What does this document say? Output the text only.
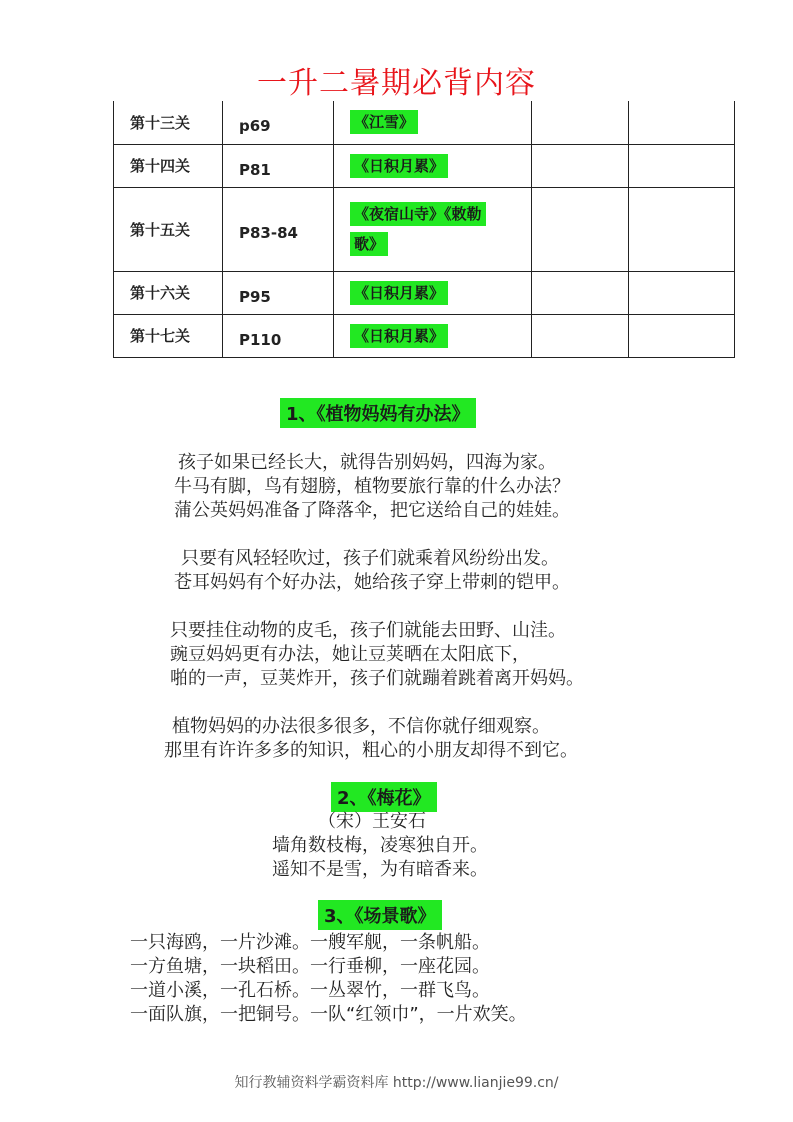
一升二暑期必背内容
第十三关	p69	《江雪》		
第十四关	P81	《日积月累》		
第十五关	P83-84	《夜宿山寺》《敕勒
歌》		
第十六关	P95	《日积月累》		
第十七关	P110	《日积月累》		
1、《植物妈妈有办法》
孩子如果已经长大，就得告别妈妈，四海为家。
牛马有脚，鸟有翅膀，植物要旅行靠的什么办法？
蒲公英妈妈准备了降落伞，把它送给自己的娃娃。
只要有风轻轻吹过，孩子们就乘着风纷纷出发。
苍耳妈妈有个好办法，她给孩子穿上带刺的铠甲。
只要挂住动物的皮毛，孩子们就能去田野、山洼。
豌豆妈妈更有办法，她让豆荚晒在太阳底下，
啪的一声，豆荚炸开，孩子们就蹦着跳着离开妈妈。
植物妈妈的办法很多很多，不信你就仔细观察。
那里有许许多多的知识，粗心的小朋友却得不到它。
2、《梅花》
（宋）王安石
墙角数枝梅，凌寒独自开。
遥知不是雪，为有暗香来。
3、《场景歌》
一只海鸥，一片沙滩。一艘军舰，一条帆船。
一方鱼塘，一块稻田。一行垂柳，一座花园。
一道小溪，一孔石桥。一丛翠竹，一群飞鸟。
一面队旗，一把铜号。一队“红领巾”，一片欢笑。
知行教辅资料学霸资料库 http://www.lianjie99.cn/
